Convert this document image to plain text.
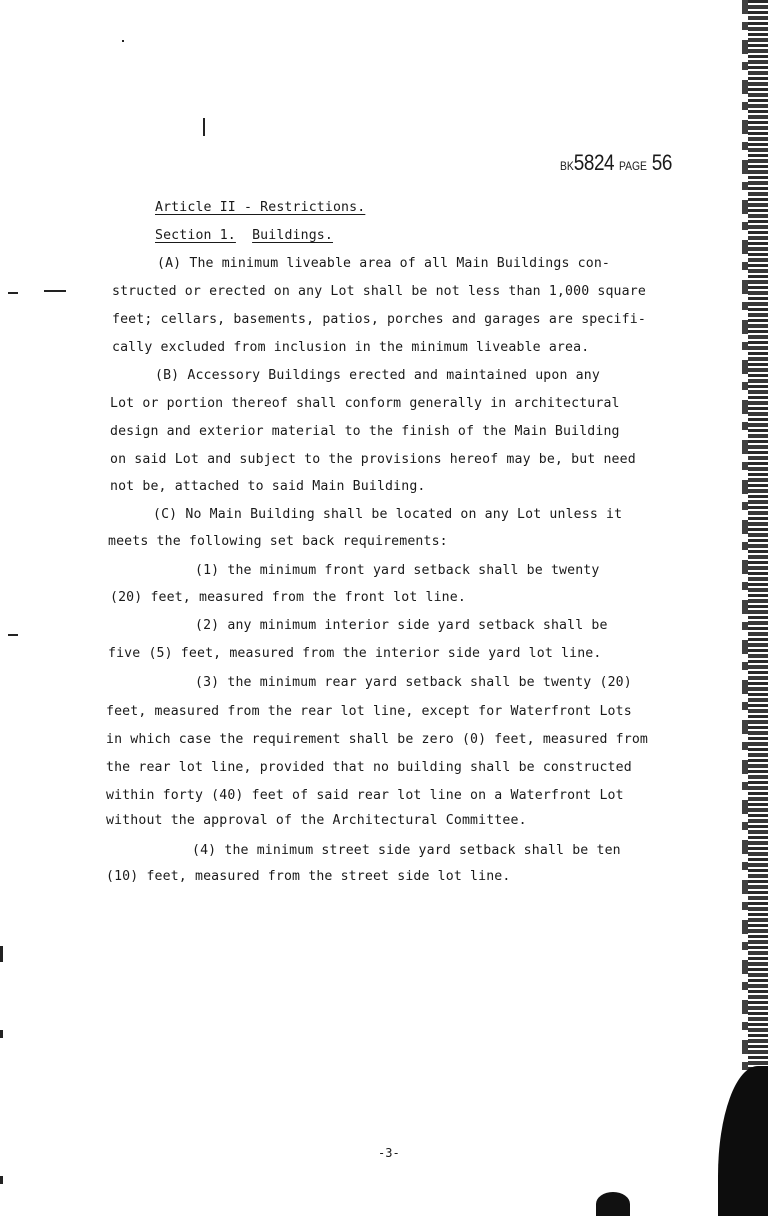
BK5824 PAGE 56
Article II - Restrictions.
Section 1. Buildings.
(A) The minimum liveable area of all Main Buildings con-
structed or erected on any Lot shall be not less than 1,000 square
feet; cellars, basements, patios, porches and garages are specifi-
cally excluded from inclusion in the minimum liveable area.
(B) Accessory Buildings erected and maintained upon any
Lot or portion thereof shall conform generally in architectural
design and exterior material to the finish of the Main Building
on said Lot and subject to the provisions hereof may be, but need
not be, attached to said Main Building.
(C) No Main Building shall be located on any Lot unless it
meets the following set back requirements:
(1) the minimum front yard setback shall be twenty
(20) feet, measured from the front lot line.
(2) any minimum interior side yard setback shall be
five (5) feet, measured from the interior side yard lot line.
(3) the minimum rear yard setback shall be twenty (20)
feet, measured from the rear lot line, except for Waterfront Lots
in which case the requirement shall be zero (0) feet, measured from
the rear lot line, provided that no building shall be constructed
within forty (40) feet of said rear lot line on a Waterfront Lot
without the approval of the Architectural Committee.
(4) the minimum street side yard setback shall be ten
(10) feet, measured from the street side lot line.
-3-
